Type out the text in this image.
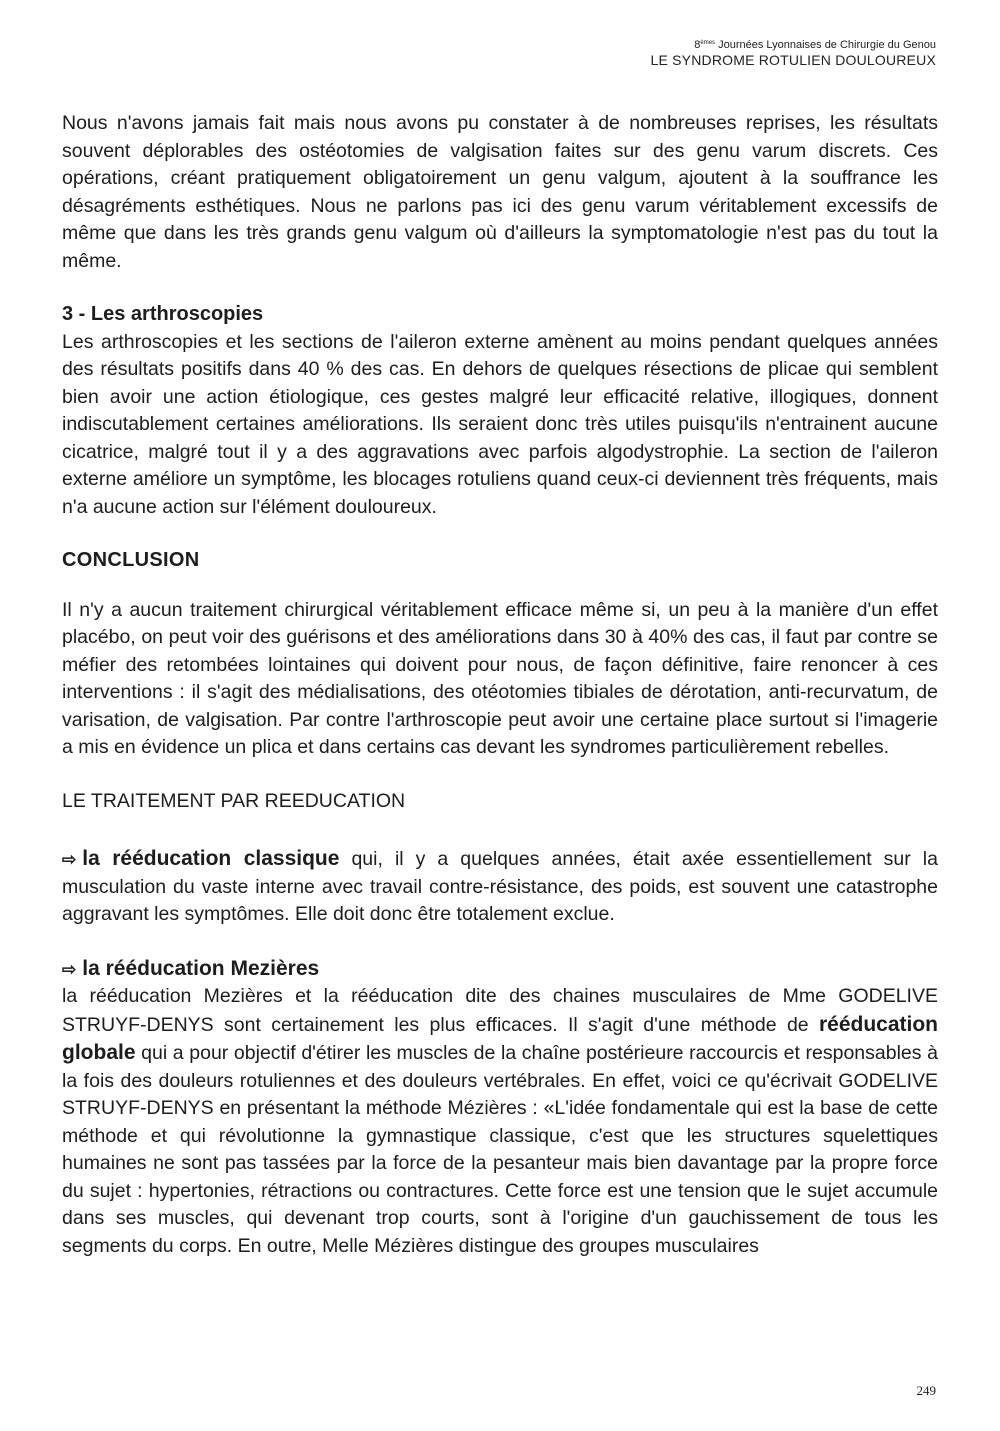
8èmes Journées Lyonnaises de Chirurgie du Genou
LE SYNDROME ROTULIEN DOULOUREUX

Nous n'avons jamais fait mais nous avons pu constater à de nombreuses reprises, les résultats souvent déplorables des ostéotomies de valgisation faites sur des genu varum discrets. Ces opérations, créant pratiquement obligatoirement un genu valgum, ajoutent à la souffrance les désagréments esthétiques. Nous ne parlons pas ici des genu varum véritablement excessifs de même que dans les très grands genu valgum où d'ailleurs la symptomatologie n'est pas du tout la même.

3 - Les arthroscopies

Les arthroscopies et les sections de l'aileron externe amènent au moins pendant quelques années des résultats positifs dans 40 % des cas. En dehors de quelques résections de plicae qui semblent bien avoir une action étiologique, ces gestes malgré leur efficacité relative, illogiques, donnent indiscutablement certaines améliorations. Ils seraient donc très utiles puisqu'ils n'entrainent aucune cicatrice, malgré tout il y a des aggravations avec parfois algodystrophie. La section de l'aileron externe améliore un symptôme, les blocages rotuliens quand ceux-ci deviennent très fréquents, mais n'a aucune action sur l'élément douloureux.

CONCLUSION

Il n'y a aucun traitement chirurgical véritablement efficace même si, un peu à la manière d'un effet placébo, on peut voir des guérisons et des améliorations dans 30 à 40% des cas, il faut par contre se méfier des retombées lointaines qui doivent pour nous, de façon définitive, faire renoncer à ces interventions : il s'agit des médialisations, des otéotomies tibiales de dérotation, anti-recurvatum, de varisation, de valgisation. Par contre l'arthroscopie peut avoir une certaine place surtout si l'imagerie a mis en évidence un plica et dans certains cas devant les syndromes particulièrement rebelles.

LE TRAITEMENT PAR REEDUCATION

⇨ la rééducation classique qui, il y a quelques années, était axée essentiellement sur la musculation du vaste interne avec travail contre-résistance, des poids, est souvent une catastrophe aggravant les symptômes. Elle doit donc être totalement exclue.

⇨ la rééducation Mezières

la rééducation Mezières et la rééducation dite des chaines musculaires de Mme GODELIVE STRUYF-DENYS sont certainement les plus efficaces. Il s'agit d'une méthode de rééducation globale qui a pour objectif d'étirer les muscles de la chaîne postérieure raccourcis et responsables à la fois des douleurs rotuliennes et des douleurs vertébrales. En effet, voici ce qu'écrivait GODELIVE STRUYF-DENYS en présentant la méthode Mézières : «L'idée fondamentale qui est la base de cette méthode et qui révolutionne la gymnastique classique, c'est que les structures squelettiques humaines ne sont pas tassées par la force de la pesanteur mais bien davantage par la propre force du sujet : hypertonies, rétractions ou contractures. Cette force est une tension que le sujet accumule dans ses muscles, qui devenant trop courts, sont à l'origine d'un gauchissement de tous les segments du corps. En outre, Melle Mézières distingue des groupes musculaires

249
